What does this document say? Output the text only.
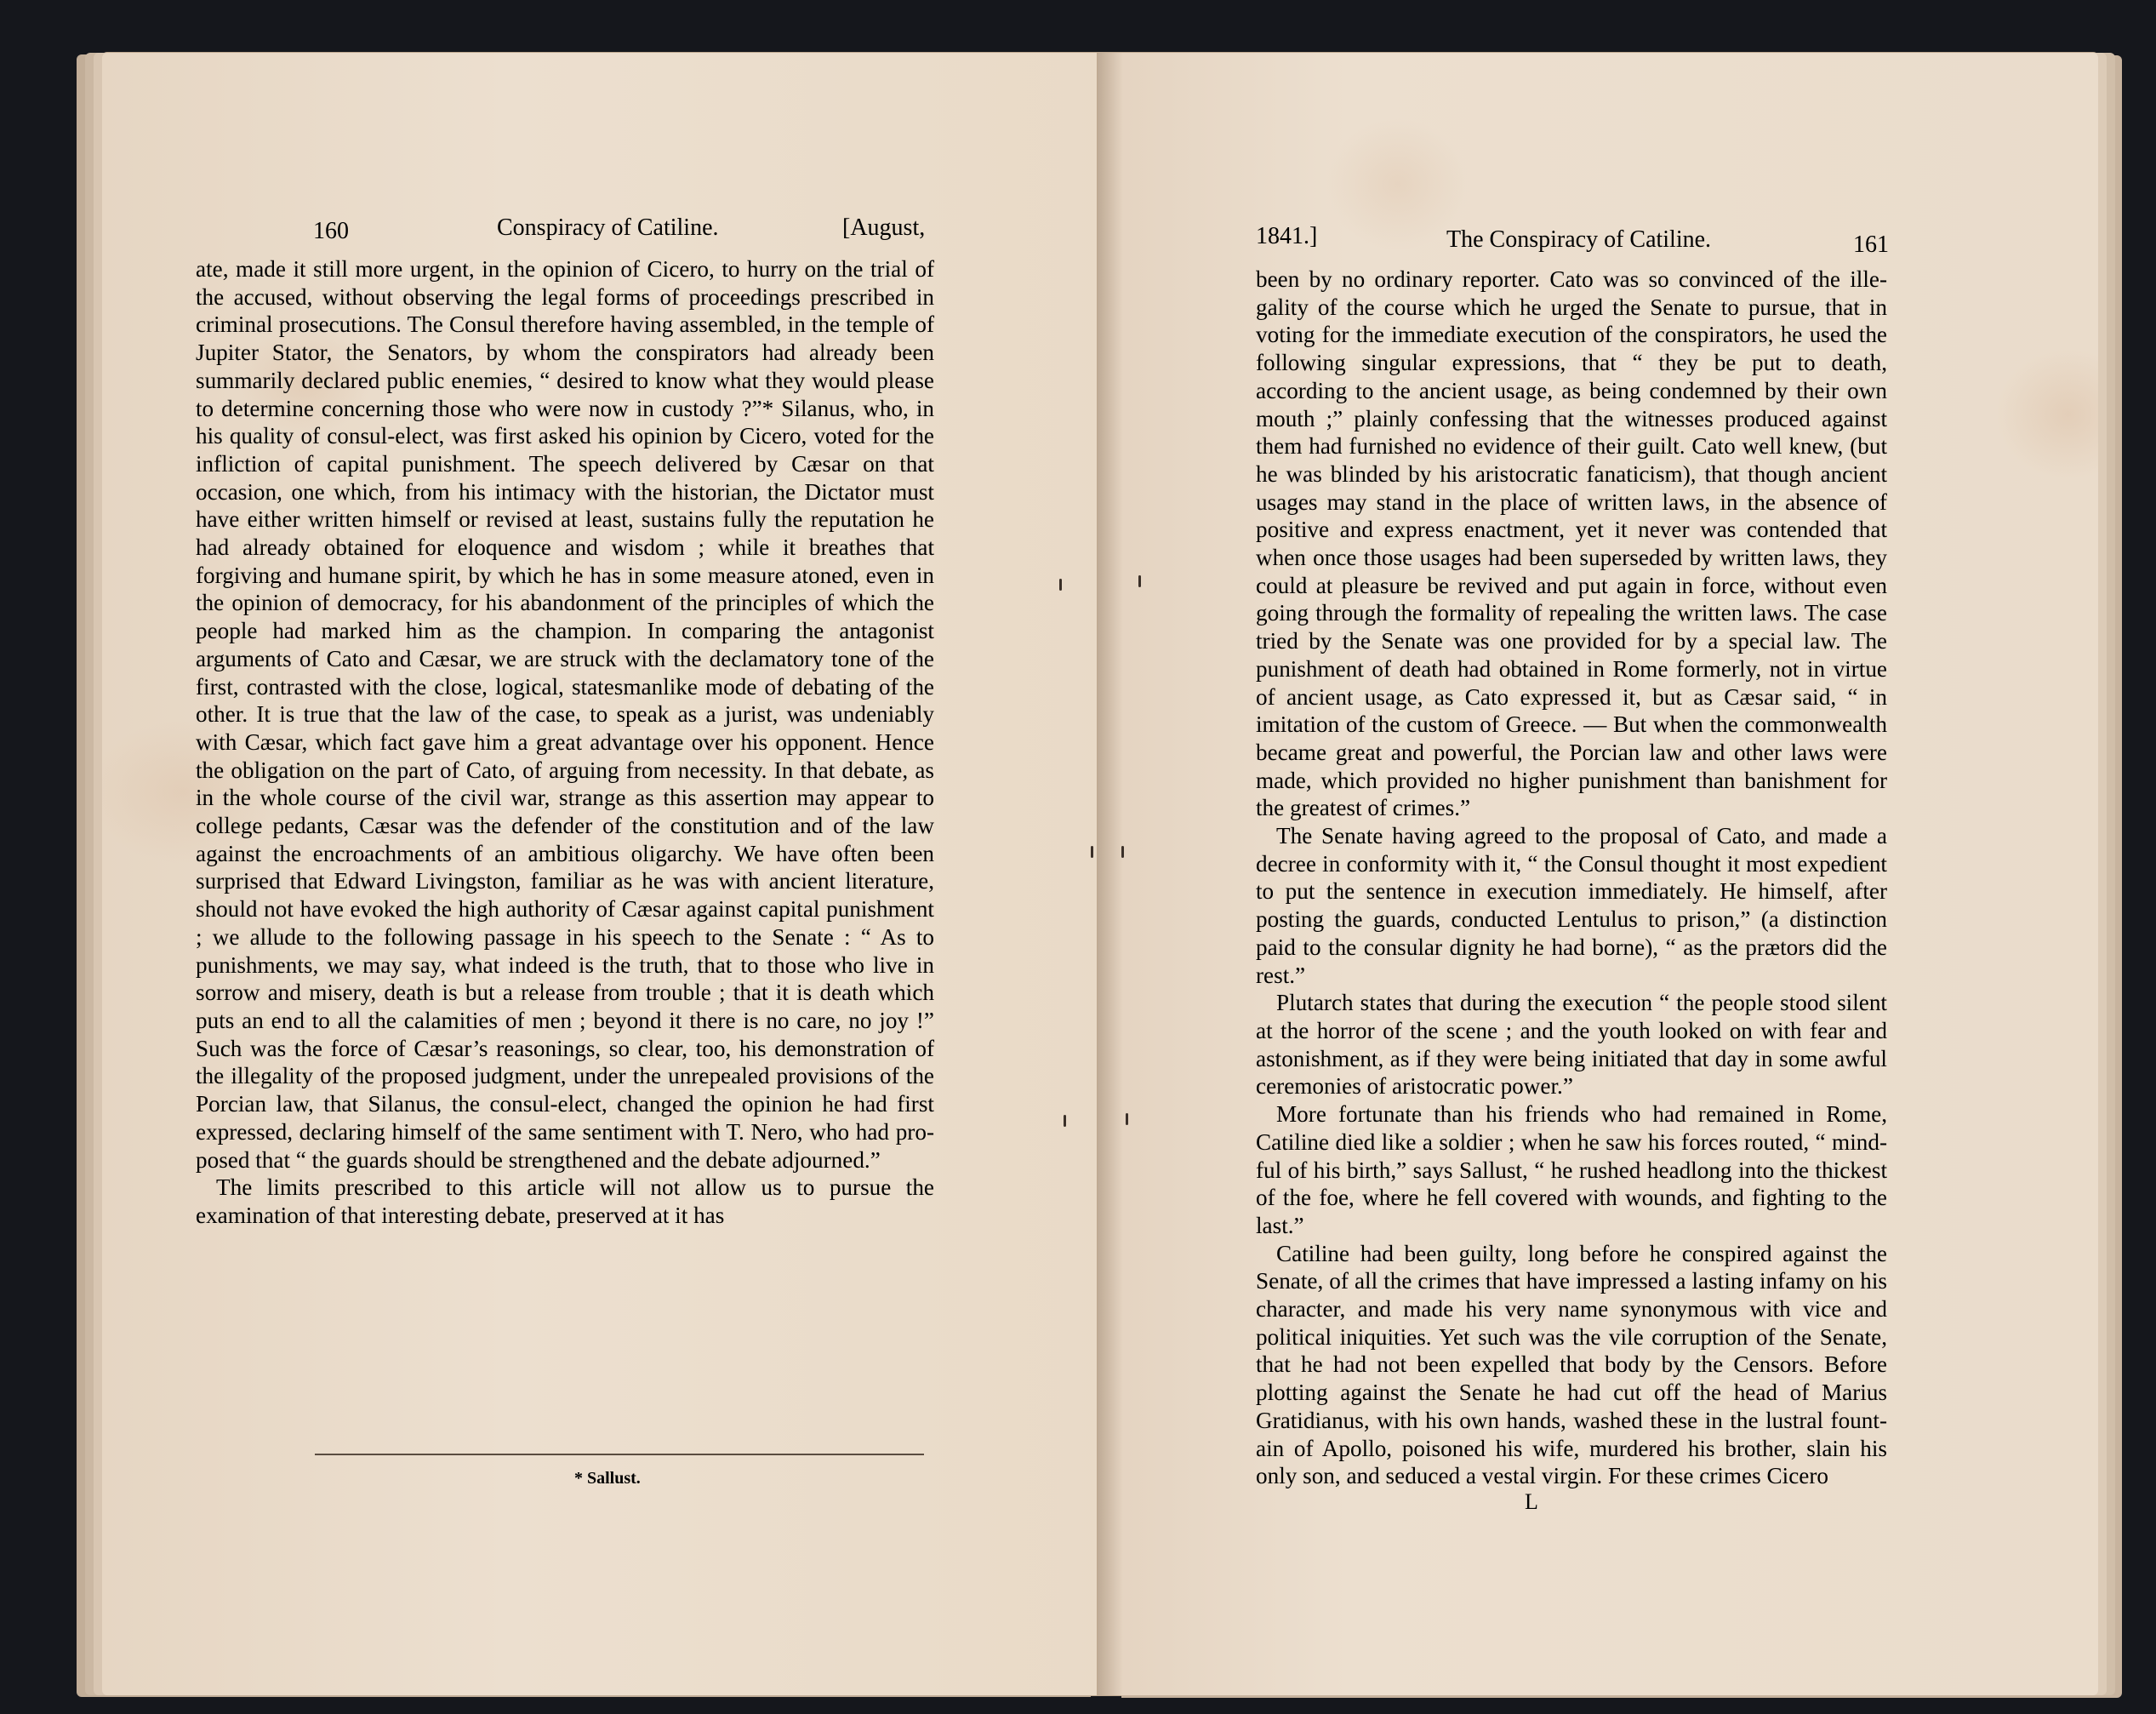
160	Conspiracy of Catiline.	[August,

ate, made it still more urgent, in the opinion of Cicero, to hurry on the trial of the accused, without observing the legal forms of proceedings prescribed in criminal prosecutions. The Consul therefore having assembled, in the temple of Jupiter Stator, the Senators, by whom the conspirators had already been summarily declared public enemies, “ desired to know what they would please to determine concerning those who were now in custody ?”* Silanus, who, in his quality of consul-elect, was first asked his opinion by Cicero, voted for the infliction of capital punishment. The speech delivered by Cæsar on that occasion, one which, from his intimacy with the historian, the Dictator must have either written himself or revised at least, sustains fully the reputation he had already obtained for eloquence and wisdom ; while it breathes that forgiving and humane spirit, by which he has in some measure atoned, even in the opinion of democracy, for his abandonment of the principles of which the people had marked him as the champion. In comparing the antagonist arguments of Cato and Cæsar, we are struck with the declamatory tone of the first, contrasted with the close, logical, statesmanlike mode of debating of the other. It is true that the law of the case, to speak as a jurist, was undeniably with Cæsar, which fact gave him a great advantage over his opponent. Hence the obligation on the part of Cato, of arguing from necessity. In that debate, as in the whole course of the civil war, strange as this assertion may appear to college pedants, Cæsar was the defender of the constitution and of the law against the encroachments of an ambitious oligarchy. We have often been surprised that Edward Livingston, familiar as he was with ancient literature, should not have evoked the high authority of Cæsar against capital punishment ; we allude to the following passage in his speech to the Senate : “ As to punishments, we may say, what indeed is the truth, that to those who live in sorrow and misery, death is but a release from trouble ; that it is death which puts an end to all the calamities of men ; beyond it there is no care, no joy !” Such was the force of Cæsar’s reasonings, so clear, too, his demonstration of the illegality of the proposed judgment, under the unrepealed provisions of the Porcian law, that Silanus, the consul-elect, changed the opinion he had first expressed, declaring himself of the same sentiment with T. Nero, who had proposed that “ the guards should be strengthened and the debate adjourned.”

The limits prescribed to this article will not allow us to pursue the examination of that interesting debate, preserved at it has

* Sallust.
1841.]	The Conspiracy of Catiline.	161

been by no ordinary reporter. Cato was so convinced of the illegality of the course which he urged the Senate to pursue, that in voting for the immediate execution of the conspirators, he used the following singular expressions, that “ they be put to death, according to the ancient usage, as being condemned by their own mouth ;” plainly confessing that the witnesses produced against them had furnished no evidence of their guilt. Cato well knew, (but he was blinded by his aristocratic fanaticism), that though ancient usages may stand in the place of written laws, in the absence of positive and express enactment, yet it never was contended that when once those usages had been superseded by written laws, they could at pleasure be revived and put again in force, without even going through the formality of repealing the written laws. The case tried by the Senate was one provided for by a special law. The punishment of death had obtained in Rome formerly, not in virtue of ancient usage, as Cato expressed it, but as Cæsar said, “ in imitation of the custom of Greece. — But when the commonwealth became great and powerful, the Porcian law and other laws were made, which provided no higher punishment than banishment for the greatest of crimes.”

The Senate having agreed to the proposal of Cato, and made a decree in conformity with it, “ the Consul thought it most expedient to put the sentence in execution immediately. He himself, after posting the guards, conducted Lentulus to prison,” (a distinction paid to the consular dignity he had borne), “ as the prætors did the rest.”

Plutarch states that during the execution “ the people stood silent at the horror of the scene ; and the youth looked on with fear and astonishment, as if they were being initiated that day in some awful ceremonies of aristocratic power.”

More fortunate than his friends who had remained in Rome, Catiline died like a soldier ; when he saw his forces routed, “ mindful of his birth,” says Sallust, “ he rushed headlong into the thickest of the foe, where he fell covered with wounds, and fighting to the last.”

Catiline had been guilty, long before he conspired against the Senate, of all the crimes that have impressed a lasting infamy on his character, and made his very name synonymous with vice and political iniquities. Yet such was the vile corruption of the Senate, that he had not been expelled that body by the Censors. Before plotting against the Senate he had cut off the head of Marius Gratidianus, with his own hands, washed these in the lustral fountain of Apollo, poisoned his wife, murdered his brother, slain his only son, and seduced a vestal virgin. For these crimes Cicero

L
